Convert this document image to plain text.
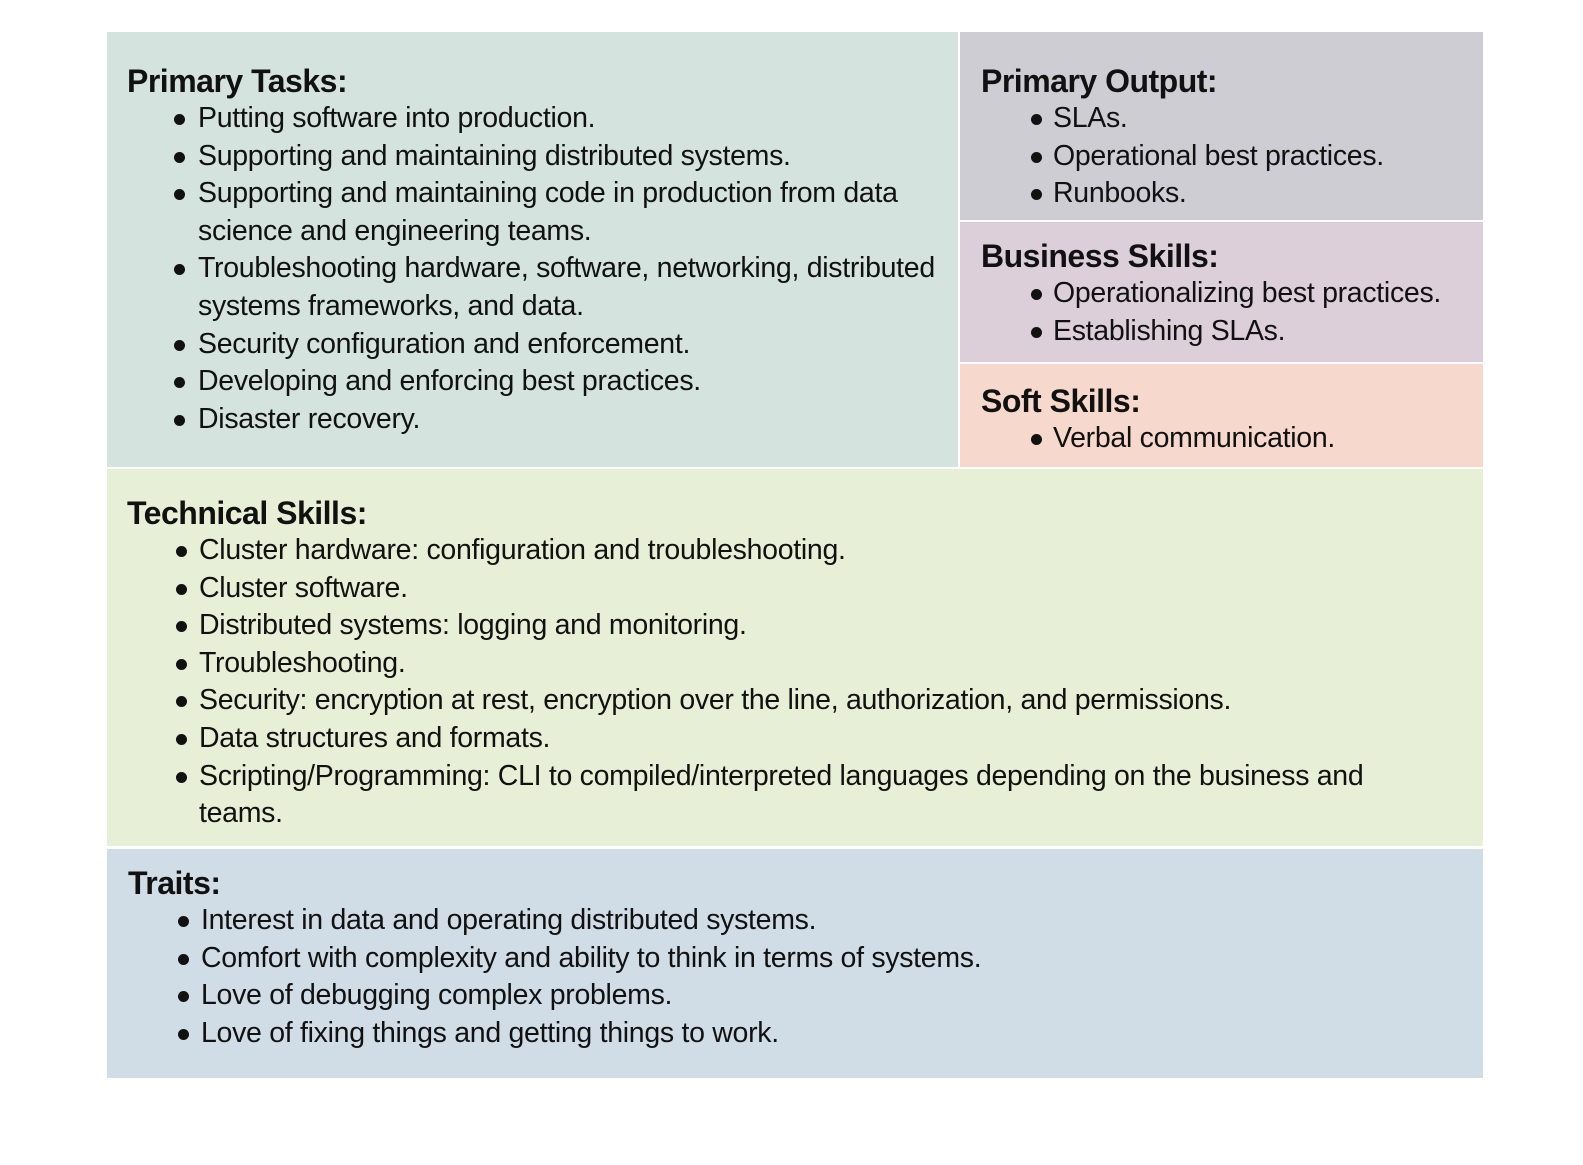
Primary Tasks:
Putting software into production.
Supporting and maintaining distributed systems.
Supporting and maintaining code in production from data science and engineering teams.
Troubleshooting hardware, software, networking, distributed systems frameworks, and data.
Security configuration and enforcement.
Developing and enforcing best practices.
Disaster recovery.
Primary Output:
SLAs.
Operational best practices.
Runbooks.
Business Skills:
Operationalizing best practices.
Establishing SLAs.
Soft Skills:
Verbal communication.
Technical Skills:
Cluster hardware: configuration and troubleshooting.
Cluster software.
Distributed systems: logging and monitoring.
Troubleshooting.
Security: encryption at rest, encryption over the line, authorization, and permissions.
Data structures and formats.
Scripting/Programming: CLI to compiled/interpreted languages depending on the business and teams.
Traits:
Interest in data and operating distributed systems.
Comfort with complexity and ability to think in terms of systems.
Love of debugging complex problems.
Love of fixing things and getting things to work.
